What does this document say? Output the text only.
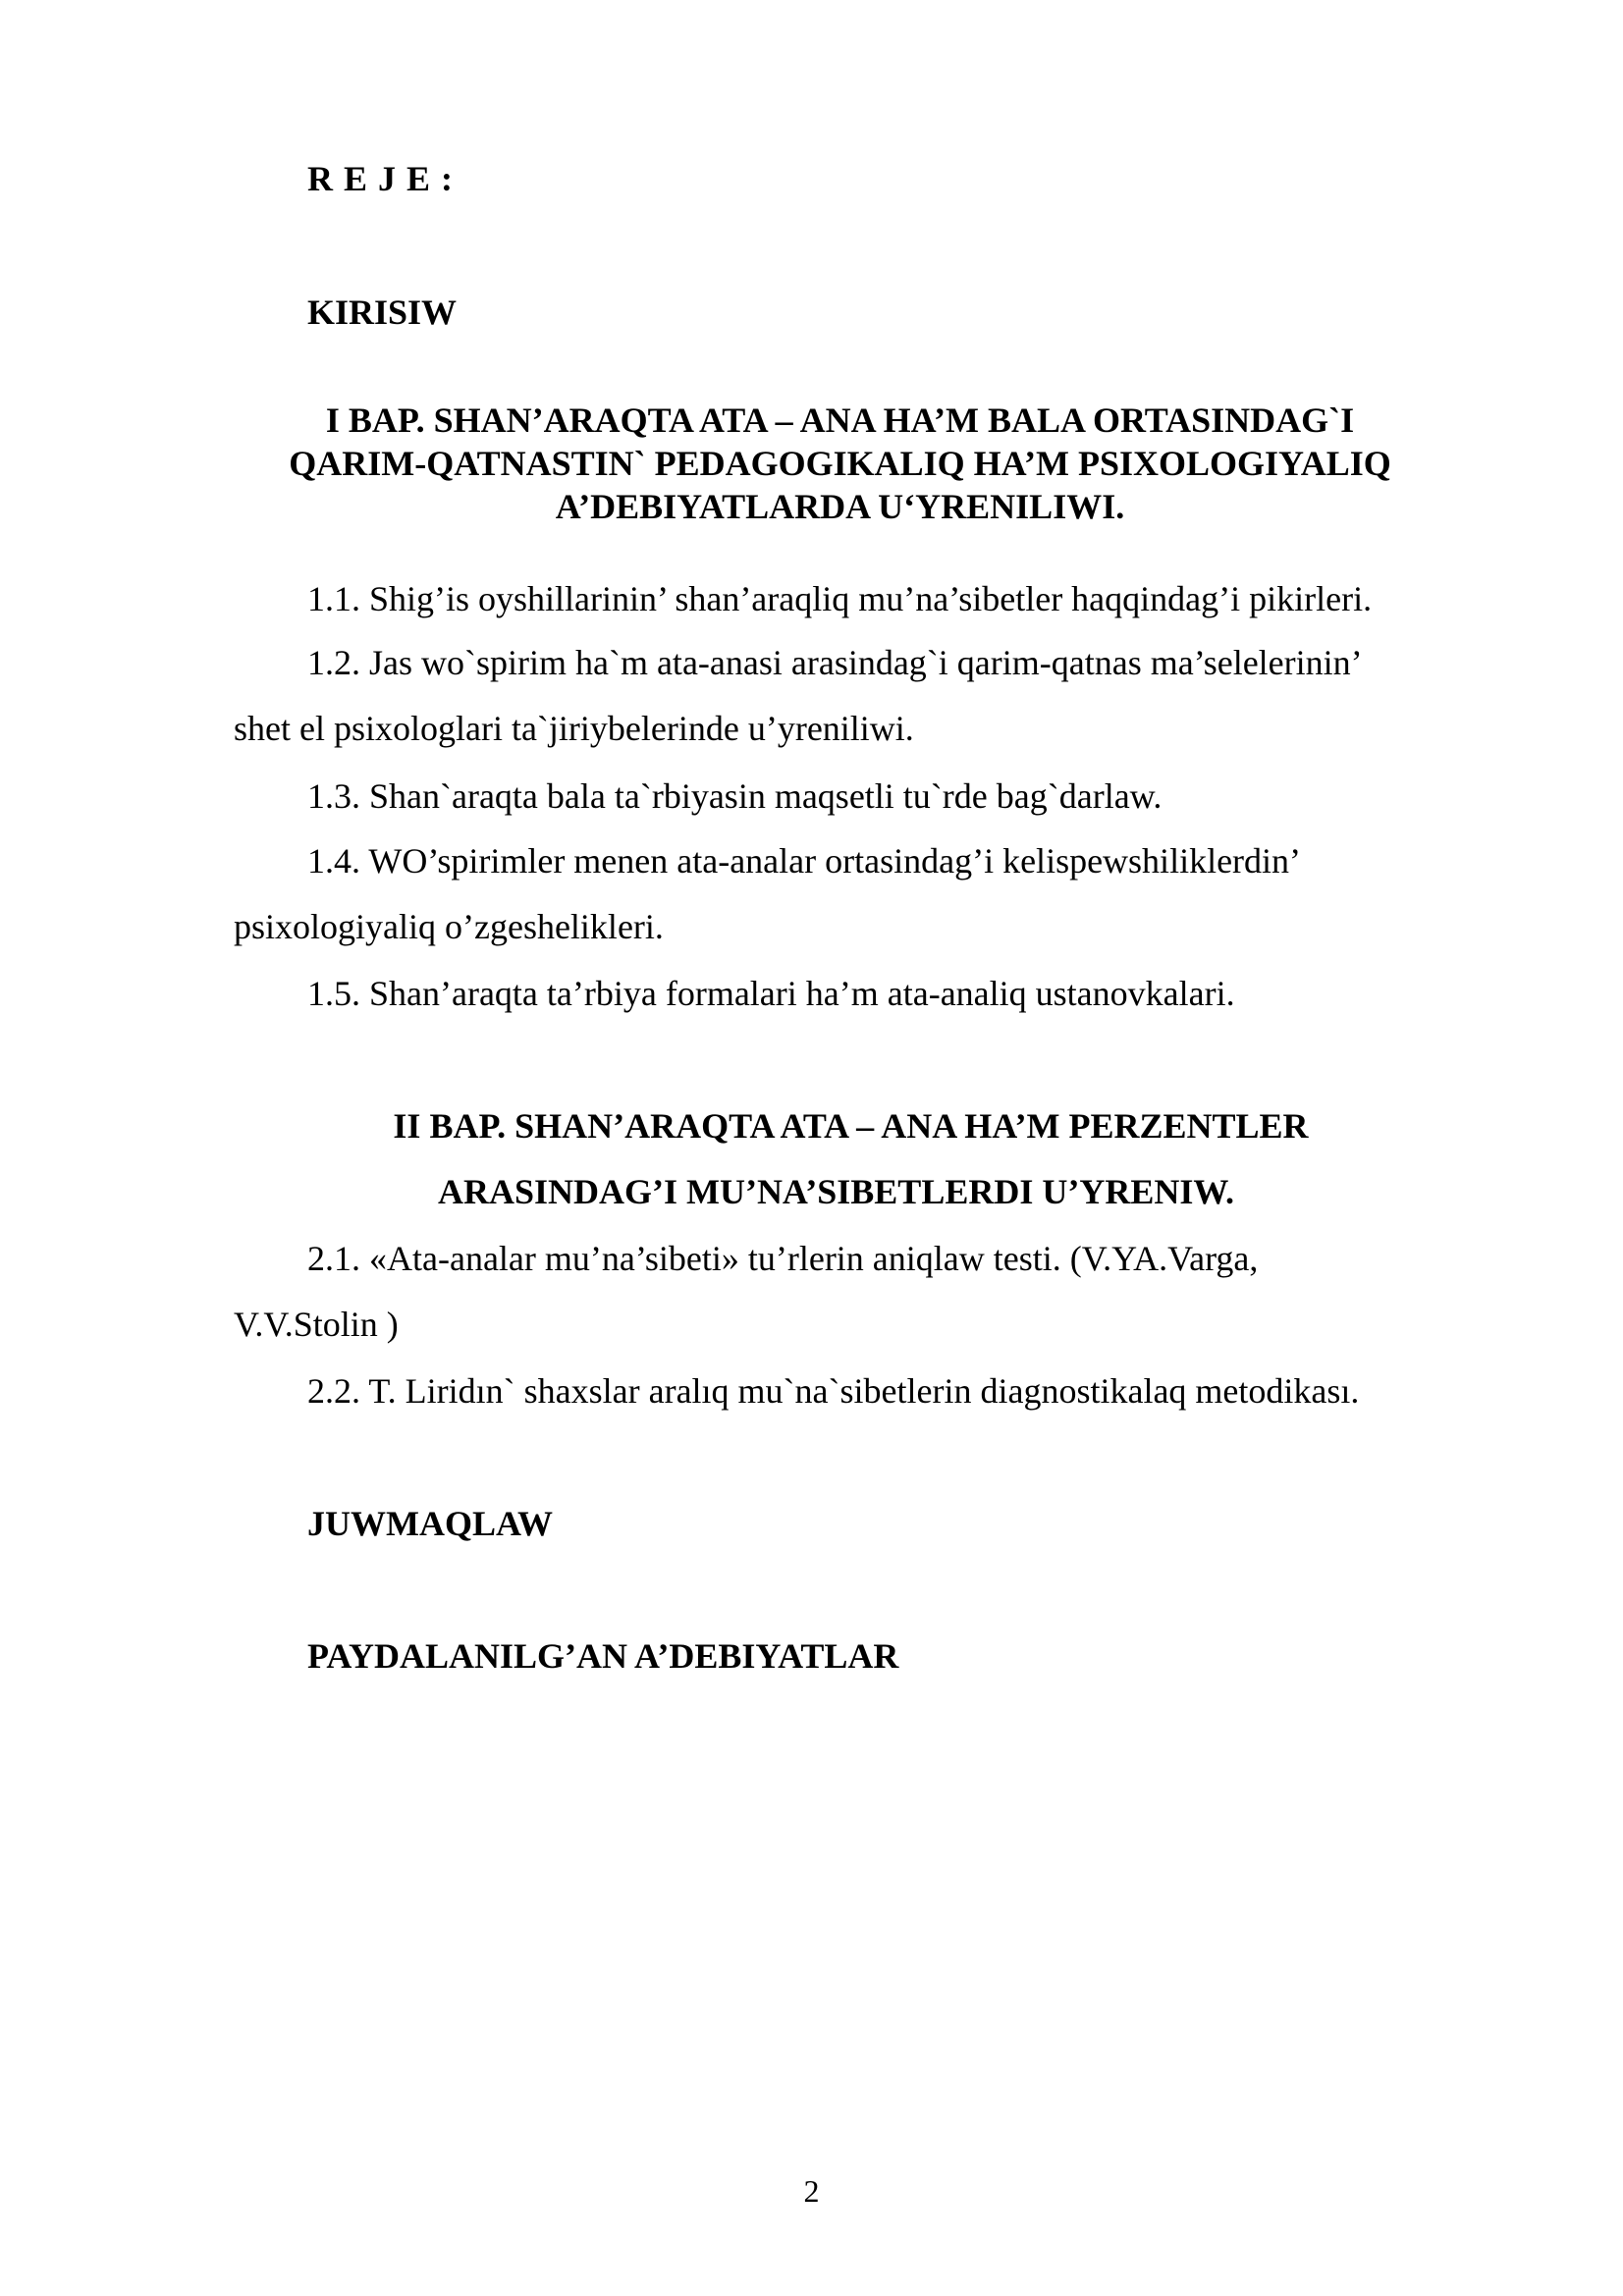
R E J E :
KIRISIW
I BAP. SHAN’ARAQTA ATA – ANA HA’M BALA ORTASINDAG`I
QARIM-QATNASTIN` PEDAGOGIKALIQ HA’M PSIXOLOGIYALIQ
A’DEBIYATLARDA U‘YRENILIWI.
1.1. Shig’is oyshillarinin’ shan’araqliq mu’na’sibetler haqqindag’i pikirleri.
1.2. Jas wo`spirim ha`m ata-anasi arasindag`i qarim-qatnas ma’selelerinin’
shet el psixologlari ta`jiriybelerinde u’yreniliwi.
1.3. Shan`araqta bala ta`rbiyasin maqsetli tu`rde bag`darlaw.
1.4. WO’spirimler menen ata-analar ortasindag’i kelispewshiliklerdin’
psixologiyaliq o’zgeshelikleri.
1.5. Shan’araqta ta’rbiya formalari ha’m ata-analiq ustanovkalari.
II BAP. SHAN’ARAQTA ATA – ANA HA’M PERZENTLER
ARASINDAG’I MU’NA’SIBETLERDI U’YRENIW.
2.1. «Ata-analar mu’na’sibeti» tu’rlerin aniqlaw testi. (V.YA.Varga,
V.V.Stolin )
2.2. T. Liridın` shaxslar aralıq mu`na`sibetlerin diagnostikalaq metodikası.
JUWMAQLAW
PAYDALANILG’AN A’DEBIYATLAR
2
